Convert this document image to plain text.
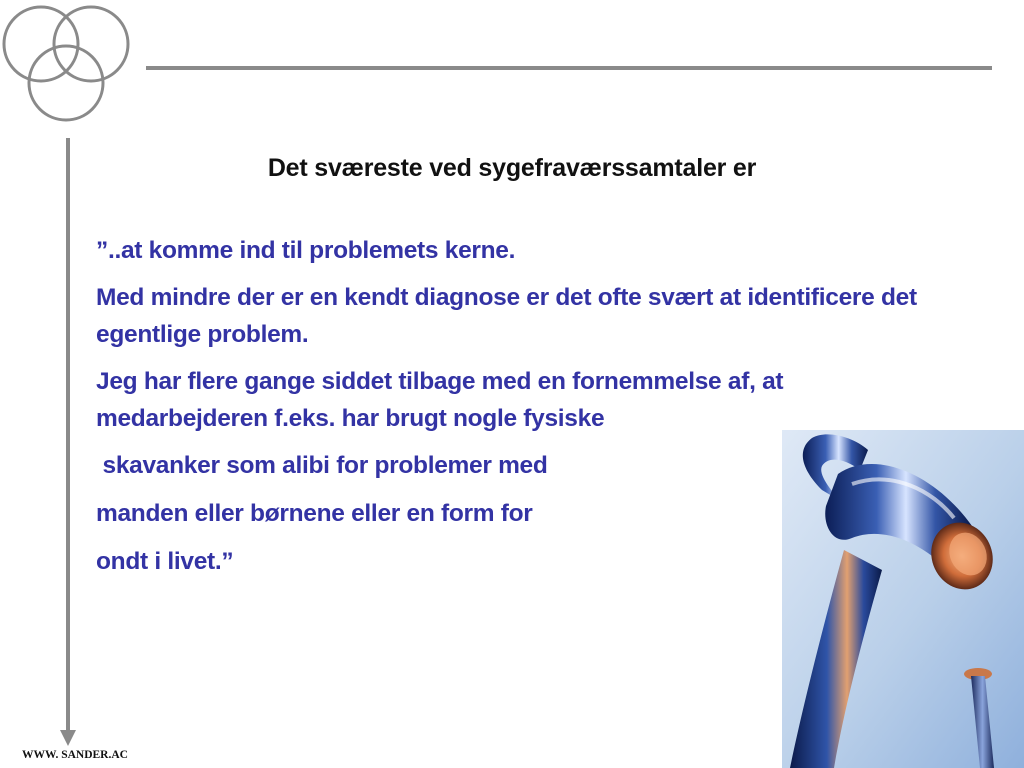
Det sværeste ved sygefraværssamtaler er

”..at komme ind til problemets kerne.

Med mindre der er en kendt diagnose er det ofte svært at identificere det egentlige problem.

Jeg har flere gange siddet tilbage med en fornemmelse af, at medarbejderen f.eks. har brugt nogle fysiske

skavanker som alibi for problemer med

manden eller børnene eller en form for

ondt i livet.”

WWW. SANDER.AC
